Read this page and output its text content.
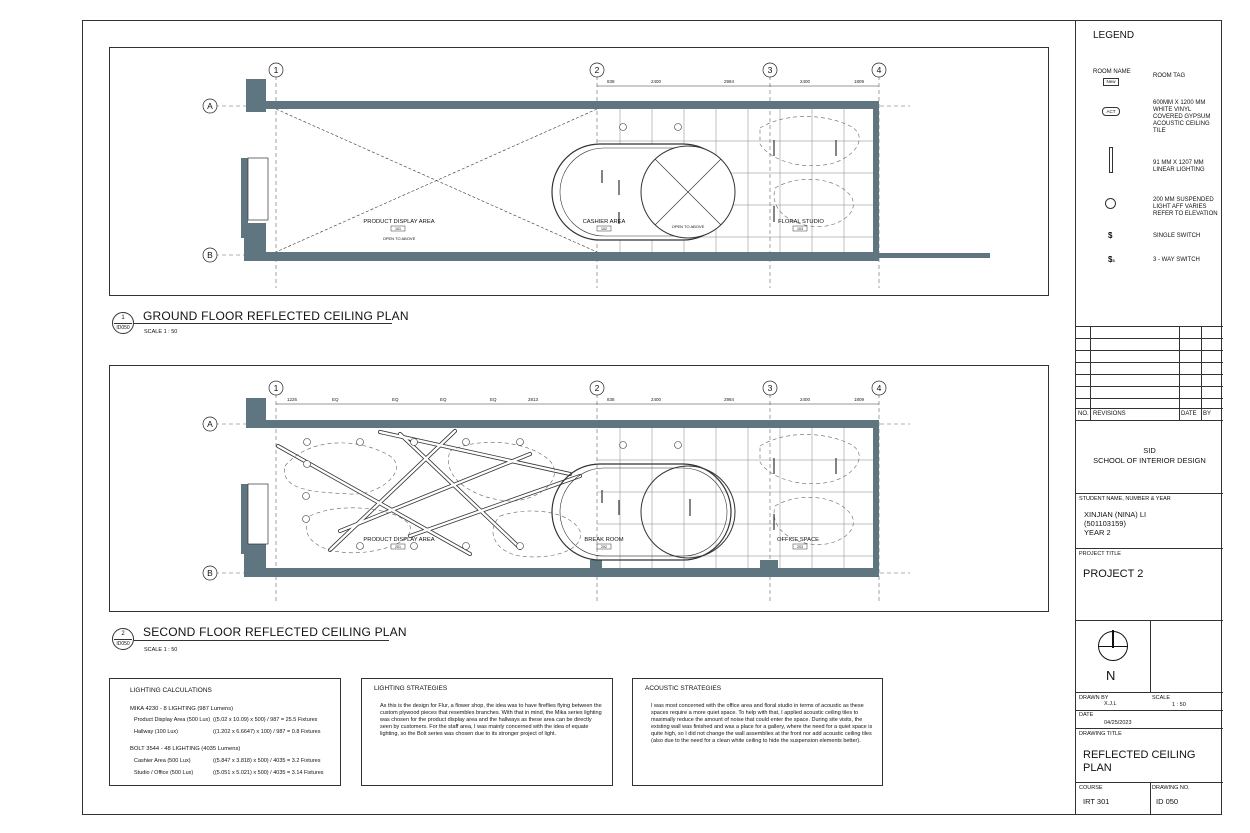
838	2400	2984	2400	1809
1	2	3	4
A
B
PRODUCT DISPLAY AREA
OPEN TO ABOVE
CASHIER AREA
OPEN TO ABOVE
FLORAL STUDIO
101	102	103
1
ID050
GROUND FLOOR REFLECTED CEILING PLAN
SCALE 1 : 50
1226	EQ	EQ	EQ	EQ	2813	838	2400	2984	2400	1809
1	2	3	4
A
B
PRODUCT DISPLAY AREA	BREAK ROOM	OFFICE SPACE
201	202	203
2
ID050
SECOND FLOOR REFLECTED CEILING PLAN
SCALE 1 : 50
LIGHTING CALCULATIONS
MIKA 4230 - 8 LIGHTING (987 Lumens)
Product Display Area (500 Lux) ((5.02 x 10.09) x 500) / 987 = 25.5 Fixtures
Hallway (100 Lux)	((1.202 x 6.6647) x 100) / 987 = 0.8 Fixtures
BOLT 3544 - 48 LIGHTING (4035 Lumens)
Cashier Area (500 Lux)	((5.847 x 3.818) x 500) / 4035 = 3.2 Fixtures
Studio / Office (500 Lux)	((5.051 x 5.021) x 500) / 4035 = 3.14 Fixtures
LIGHTING STRATEGIES
As this is the design for Flur, a flower shop, the idea was to have fireflies flying between the custom plywood pieces that resembles branches. With that in mind, the Mika series lighting was chosen for the product display area and the hallways as these area can be directly seen by customers. For the staff area, I was mainly concerned with the idea of equate lighting, so the Bolt series was chosen due to its stronger project of light.
ACOUSTIC STRATEGIES
I was most concerned with the office area and floral studio in terms of acoustic as these spaces require a more quiet space. To help with that, I applied acoustic ceiling tiles to maximally reduce the amount of noise that could enter the space. During site visits, the existing wall was finished and was a place for a gallery, where the need for a quiet space is quite high, so I did not change the wall assemblies at the front nor add acoustic ceiling tiles (also due to the need for a clean white ceiling to hide the suspension elements better).
LEGEND
ROOM NAME
New
ROOM TAG
ACT
600MM X 1200 MM WHITE VINYL COVERED GYPSUM ACOUSTIC CEILING TILE
91 MM X 1207 MM LINEAR LIGHTING
200 MM SUSPENDED LIGHT AFF VARIES REFER TO ELEVATION
$	SINGLE SWITCH
$3	3 - WAY SWITCH
NO. REVISIONS	DATE BY
SID
SCHOOL OF INTERIOR DESIGN
STUDENT NAME, NUMBER & YEAR
XINJIAN (NINA) LI
(501103159)
YEAR 2
PROJECT TITLE
PROJECT 2
N
DRAWN BY
X.J.L
SCALE
1 : 50
DATE
04/25/2023
DRAWING TITLE
REFLECTED CEILING PLAN
COURSE
IRT 301
DRAWING NO.
ID 050
